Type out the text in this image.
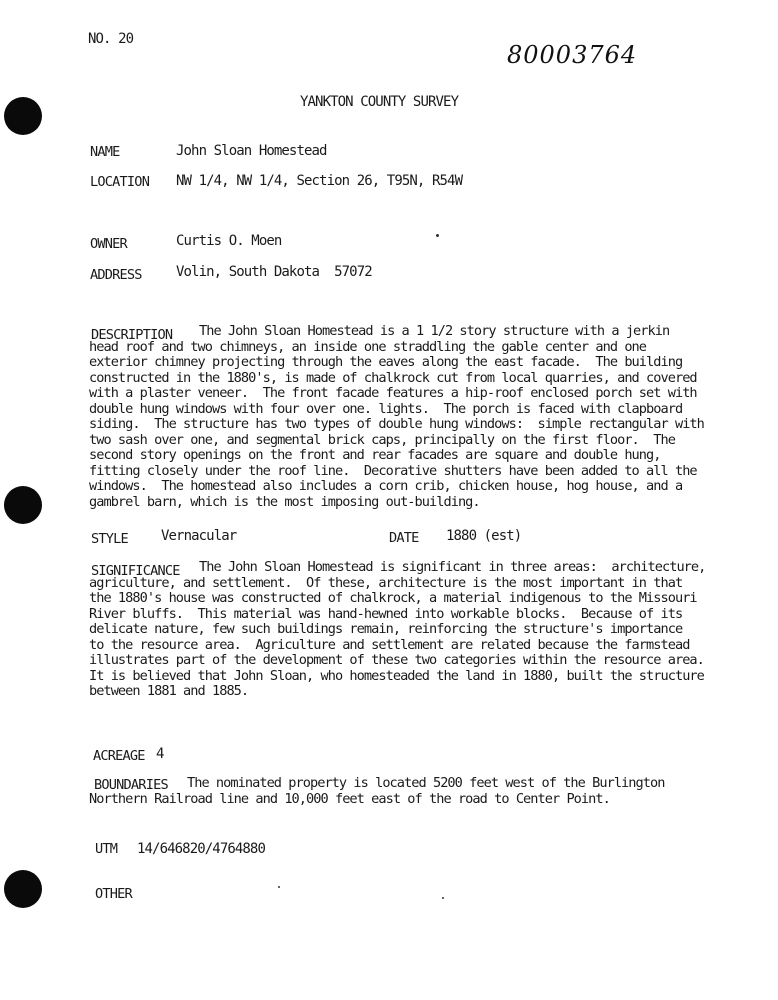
NO. 20
80003764
YANKTON COUNTY SURVEY
NAME	John Sloan Homestead
LOCATION NW 1/4, NW 1/4, Section 26, T95N, R54W
OWNER	Curtis O. Moen
ADDRESS Volin, South Dakota  57072
DESCRIPTION	The John Sloan Homestead is a 1 1/2 story structure with a jerkin
head roof and two chimneys, an inside one straddling the gable center and one
exterior chimney projecting through the eaves along the east facade.  The building
constructed in the 1880's, is made of chalkrock cut from local quarries, and covered
with a plaster veneer.  The front facade features a hip-roof enclosed porch set with
double hung windows with four over one. lights.  The porch is faced with clapboard
siding.  The structure has two types of double hung windows:  simple rectangular with
two sash over one, and segmental brick caps, principally on the first floor.  The
second story openings on the front and rear facades are square and double hung,
fitting closely under the roof line.  Decorative shutters have been added to all the
windows.  The homestead also includes a corn crib, chicken house, hog house, and a
gambrel barn, which is the most imposing out-building.
STYLE Vernacular	DATE 1880 (est)
SIGNIFICANCE	The John Sloan Homestead is significant in three areas:  architecture,
agriculture, and settlement.  Of these, architecture is the most important in that
the 1880's house was constructed of chalkrock, a material indigenous to the Missouri
River bluffs.  This material was hand-hewned into workable blocks.  Because of its
delicate nature, few such buildings remain, reinforcing the structure's importance
to the resource area.  Agriculture and settlement are related because the farmstead
illustrates part of the development of these two categories within the resource area.
It is believed that John Sloan, who homesteaded the land in 1880, built the structure
between 1881 and 1885.
ACREAGE 4
BOUNDARIES	The nominated property is located 5200 feet west of the Burlington
Northern Railroad line and 10,000 feet east of the road to Center Point.
UTM 14/646820/4764880
OTHER
